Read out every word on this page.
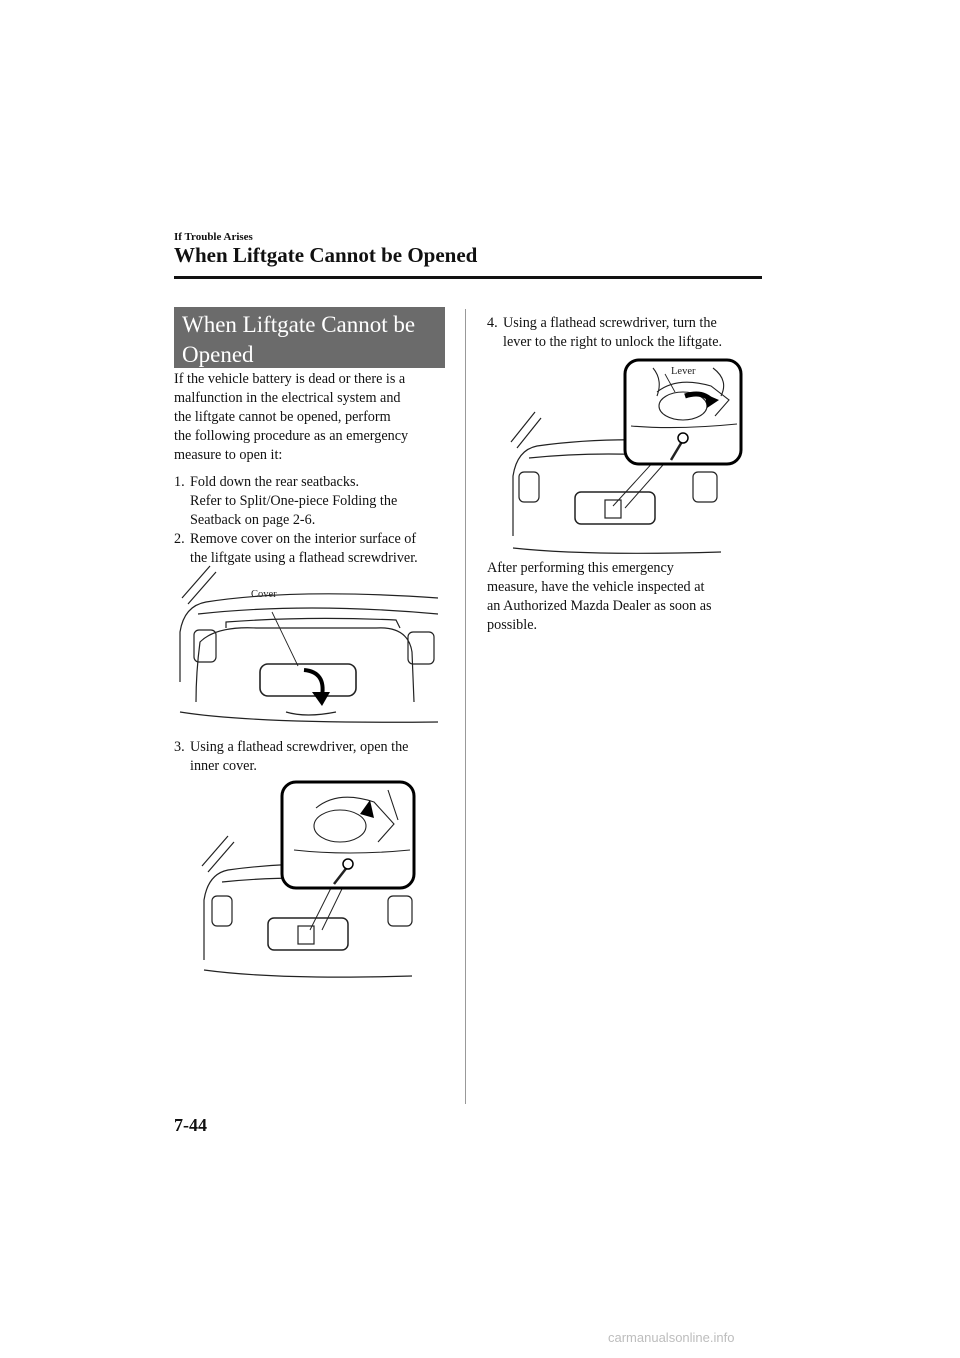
If Trouble Arises
When Liftgate Cannot be Opened
When Liftgate Cannot be
Opened
If the vehicle battery is dead or there is a
malfunction in the electrical system and
the liftgate cannot be opened, perform
the following procedure as an emergency
measure to open it:
1. Fold down the rear seatbacks.
Refer to Split/One-piece Folding the
Seatback on page 2-6.
2. Remove cover on the interior surface of
the liftgate using a flathead screwdriver.
Cover
3. Using a flathead screwdriver, open the
inner cover.
4. Using a flathead screwdriver, turn the
lever to the right to unlock the liftgate.
Lever
After performing this emergency
measure, have the vehicle inspected at
an Authorized Mazda Dealer as soon as
possible.
7-44
carmanualsonline.info
